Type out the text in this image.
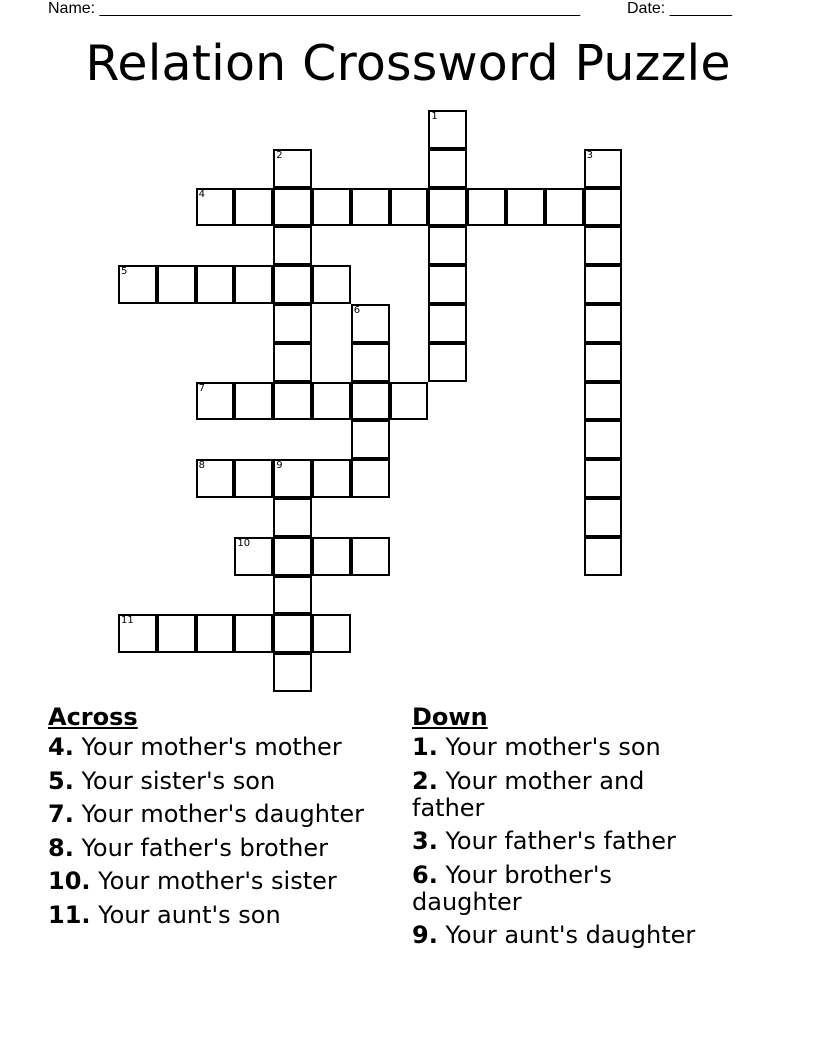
Name: ______________________________________________________	Date: _______
Relation Crossword Puzzle
1
2	3
4
5
6
7
8	9
10
11
Across
4. Your mother's mother
5. Your sister's son
7. Your mother's daughter
8. Your father's brother
10. Your mother's sister
11. Your aunt's son
Down
1. Your mother's son
2. Your mother and father
3. Your father's father
6. Your brother's daughter
9. Your aunt's daughter
